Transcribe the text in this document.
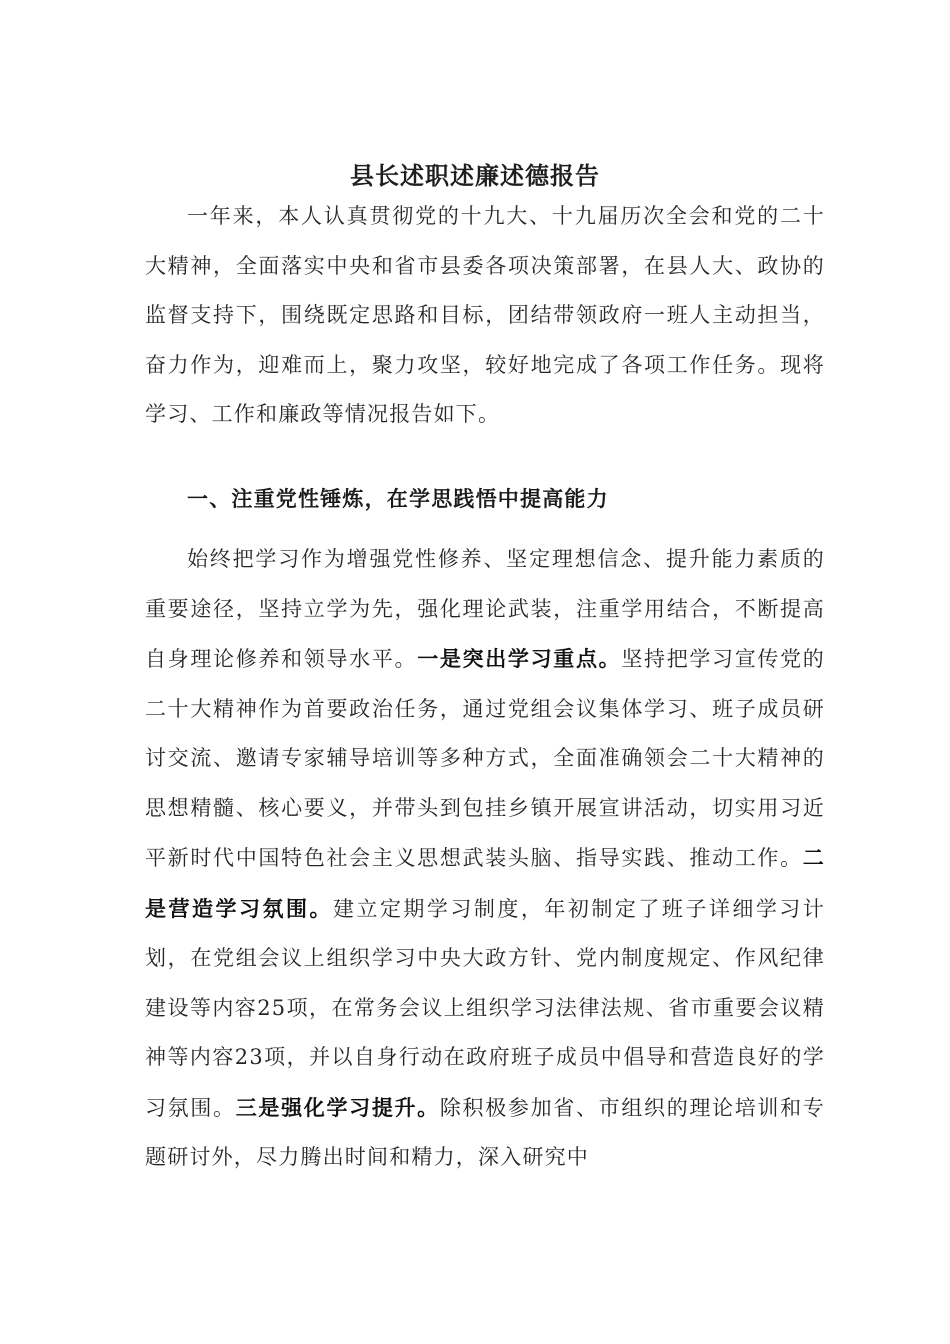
县长述职述廉述德报告

一年来，本人认真贯彻党的十九大、十九届历次全会和党的二十大精神，全面落实中央和省市县委各项决策部署，在县人大、政协的监督支持下，围绕既定思路和目标，团结带领政府一班人主动担当，奋力作为，迎难而上，聚力攻坚，较好地完成了各项工作任务。现将学习、工作和廉政等情况报告如下。

一、注重党性锤炼，在学思践悟中提高能力

始终把学习作为增强党性修养、坚定理想信念、提升能力素质的重要途径，坚持立学为先，强化理论武装，注重学用结合，不断提高自身理论修养和领导水平。一是突出学习重点。坚持把学习宣传党的二十大精神作为首要政治任务，通过党组会议集体学习、班子成员研讨交流、邀请专家辅导培训等多种方式，全面准确领会二十大精神的思想精髓、核心要义，并带头到包挂乡镇开展宣讲活动，切实用习近平新时代中国特色社会主义思想武装头脑、指导实践、推动工作。二是营造学习氛围。建立定期学习制度，年初制定了班子详细学习计划，在党组会议上组织学习中央大政方针、党内制度规定、作风纪律建设等内容25项，在常务会议上组织学习法律法规、省市重要会议精神等内容23项，并以自身行动在政府班子成员中倡导和营造良好的学习氛围。三是强化学习提升。除积极参加省、市组织的理论培训和专题研讨外，尽力腾出时间和精力，深入研究中
